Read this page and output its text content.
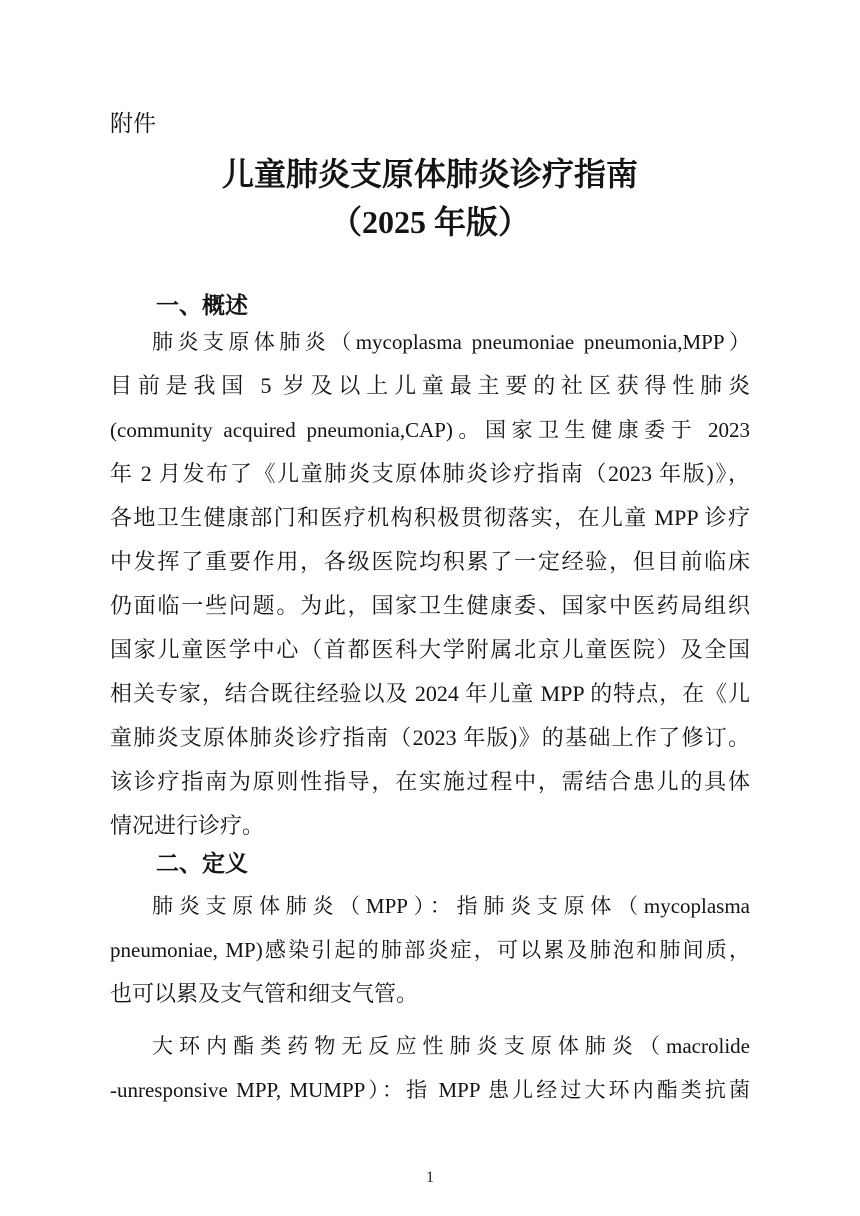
附件
儿童肺炎支原体肺炎诊疗指南
（2025 年版）
一、概述
肺炎支原体肺炎（mycoplasma pneumoniae pneumonia,MPP）
目前是我国 5 岁及以上儿童最主要的社区获得性肺炎
(community acquired pneumonia,CAP)。国家卫生健康委于 2023
年 2 月发布了《儿童肺炎支原体肺炎诊疗指南（2023 年版)》，
各地卫生健康部门和医疗机构积极贯彻落实，在儿童 MPP 诊疗
中发挥了重要作用，各级医院均积累了一定经验，但目前临床
仍面临一些问题。为此，国家卫生健康委、国家中医药局组织
国家儿童医学中心（首都医科大学附属北京儿童医院）及全国
相关专家，结合既往经验以及 2024 年儿童 MPP 的特点，在《儿
童肺炎支原体肺炎诊疗指南（2023 年版)》的基础上作了修订。
该诊疗指南为原则性指导，在实施过程中，需结合患儿的具体
情况进行诊疗。
二、定义
肺炎支原体肺炎（MPP）：指肺炎支原体（mycoplasma
pneumoniae, MP)感染引起的肺部炎症，可以累及肺泡和肺间质，
也可以累及支气管和细支气管。
大环内酯类药物无反应性肺炎支原体肺炎（macrolide
-unresponsive MPP, MUMPP）：指 MPP 患儿经过大环内酯类抗菌
1
